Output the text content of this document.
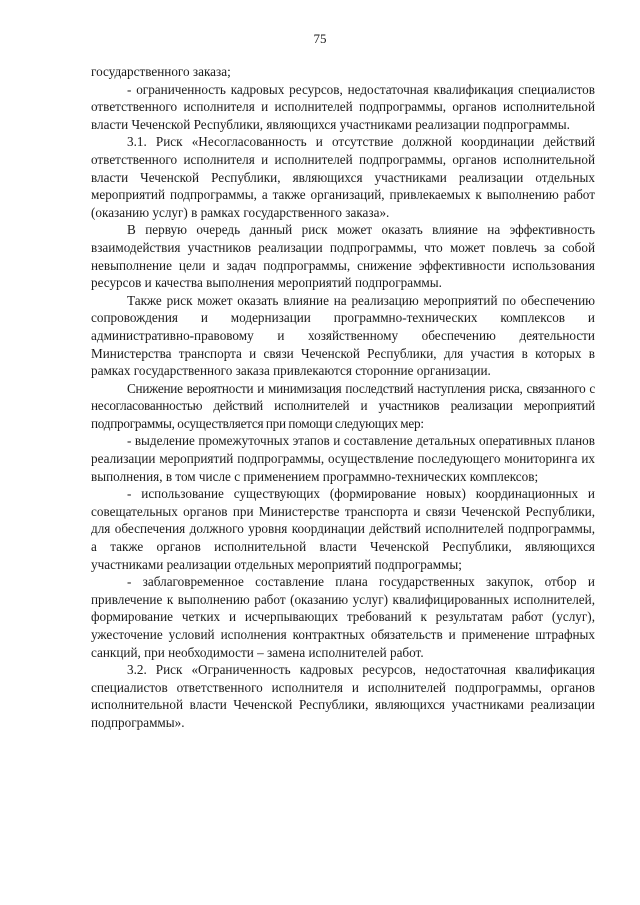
75

государственного заказа;

- ограниченность кадровых ресурсов, недостаточная квалификация специалистов ответственного исполнителя и исполнителей подпрограммы, органов исполнительной власти Чеченской Республики, являющихся участниками реализации подпрограммы.

3.1. Риск «Несогласованность и отсутствие должной координации действий ответственного исполнителя и исполнителей подпрограммы, органов исполнительной власти Чеченской Республики, являющихся участниками реализации отдельных мероприятий подпрограммы, а также организаций, привлекаемых к выполнению работ (оказанию услуг) в рамках государственного заказа».

В первую очередь данный риск может оказать влияние на эффективность взаимодействия участников реализации подпрограммы, что может повлечь за собой невыполнение цели и задач подпрограммы, снижение эффективности использования ресурсов и качества выполнения мероприятий подпрограммы.

Также риск может оказать влияние на реализацию мероприятий по обеспечению сопровождения и модернизации программно-технических комплексов и административно-правовому и хозяйственному обеспечению деятельности Министерства транспорта и связи Чеченской Республики, для участия в которых в рамках государственного заказа привлекаются сторонние организации.

Снижение вероятности и минимизация последствий наступления риска, связанного с несогласованностью действий исполнителей и участников реализации мероприятий подпрограммы, осуществляется при помощи следующих мер:

- выделение промежуточных этапов и составление детальных оперативных планов реализации мероприятий подпрограммы, осуществление последующего мониторинга их выполнения, в том числе с применением программно-технических комплексов;

- использование существующих (формирование новых) координационных и совещательных органов при Министерстве транспорта и связи Чеченской Республики, для обеспечения должного уровня координации действий исполнителей подпрограммы, а также органов исполнительной власти Чеченской Республики, являющихся участниками реализации отдельных мероприятий подпрограммы;

- заблаговременное составление плана государственных закупок, отбор и привлечение к выполнению работ (оказанию услуг) квалифицированных исполнителей, формирование четких и исчерпывающих требований к результатам работ (услуг), ужесточение условий исполнения контрактных обязательств и применение штрафных санкций, при необходимости – замена исполнителей работ.

3.2. Риск «Ограниченность кадровых ресурсов, недостаточная квалификация специалистов ответственного исполнителя и исполнителей подпрограммы, органов исполнительной власти Чеченской Республики, являющихся участниками реализации подпрограммы».
